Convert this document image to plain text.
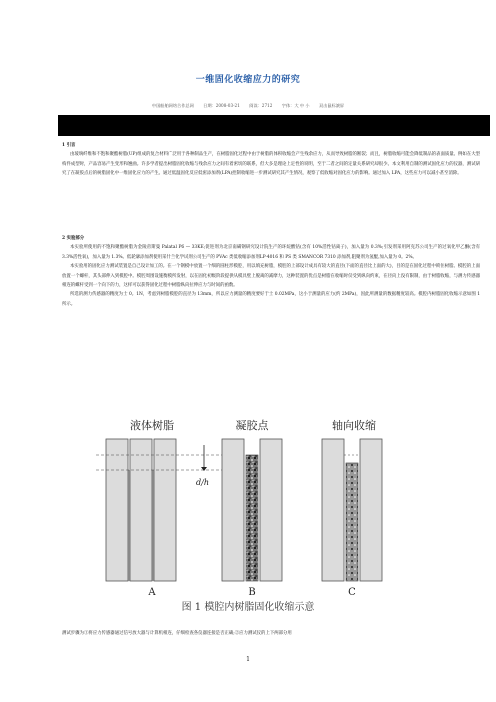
一维固化收缩应力的研究
中国船舶网络合作总网 日期：2008-03-21 阅读：2712 字体：大 中 小 双击鼠标滚屏
1 引言

由玻璃纤维和不饱和聚酯树脂(UP)组成的复合材料广泛用于各种制品生产，在树脂固化过程中由于树脂的体积收缩会产生残余应力，从而导致树脂的断裂；而且，树脂收缩可能会降低制品的表面质量。例如在大型构件成型时，产品容易产生变形和翘曲。许多学者提出树脂固化收缩与残余应力之间有着密切的联系，但大多是理论上定性的说明，至于二者之间的定量关系研究却很少。本文利用自制的测试固化应力的仪器，测试研究了在凝胶点后的树脂固化中一维固化应力的产生。通过低温固化反应低密添加剂(LPA)控制收缩进一步测试研究其产生情况，观察了低收缩对固化应力的影响。通过加入 LPA，这些应力可以减小甚至消除。

2 实验部分

本实验所使用的不饱和聚酯树脂为金陵帝斯曼 Palatal P6 — 33KE;促进剂为北京南磺钢研究设计院生产的环烷酸钴(含有 10%活性钴离子)，加入量为 0.3%;引发剂采用阿克苏公司生产的过氧化甲乙酮(含有 3.3%活性氧)，加入量为 1.3%。低轮廓添加剂使用采什兰化学试剂公司生产的 PVAc 类低收缩添加剂LP-4016 和 PS 类 SMANCOR 7310 添加剂,阻聚剂为氢醌,加入量为 0。2%。

本实验用的固化应力测试装置是自己设计加工的。在一个钢模中放置一个细的圆柱形模腔，用以填充树脂，模腔的上部设计成具有较大的直径(下面的直径比上面的大)，目的是在固化过程中锁住树脂。模腔的上面放置一个螺杆，其头部伸入到模腔中。模腔周围设施衡模所发射，以在固化初级阶段提供从模具壁上脱离的减摩力，这种装置的优点是树脂在收缩时仅受到纵向约束，在径向上没有限制，由于树脂收缩，与测力传感器相连的螺杆受到一个向下的力，这样可以获得固化过程中树脂纵向拉伸应力与时间的函数。

所选的测力传感器的精度为士 0。1N，考虑到树脂模腔的直径为 13mm，所以应力测量的精度要好于士 0.02MPa，这小于测量的应力(约 2MPa)，因此所测量的数据精度较高。模腔内树脂固化收缩示意如图 1 所示。

液体树脂	凝胶点	轴向收缩
d/h
A	B	C
图 1 模腔内树脂固化收缩示意
测试步骤为①将应力传感器通过信号放大器与计算机相连，仔细检查各仪器连接是否正确;②应力测试仪的上下两部分用
1
